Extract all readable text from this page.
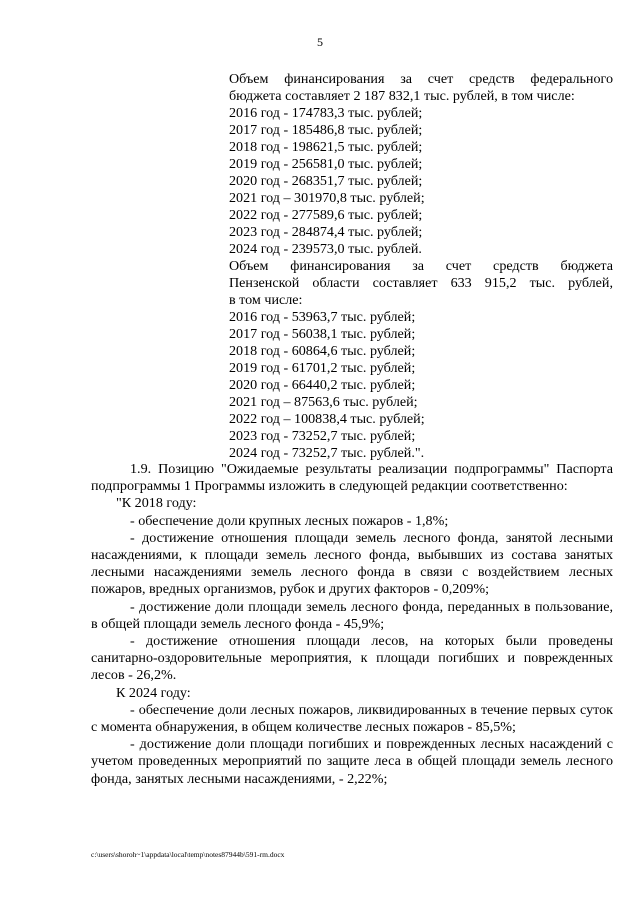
5
Объем финансирования за счет средств федерального
бюджета составляет 2 187 832,1 тыс. рублей, в том числе:
2016 год - 174783,3 тыс. рублей;
2017 год - 185486,8 тыс. рублей;
2018 год - 198621,5 тыс. рублей;
2019 год - 256581,0 тыс. рублей;
2020 год - 268351,7 тыс. рублей;
2021 год – 301970,8 тыс. рублей;
2022 год - 277589,6 тыс. рублей;
2023 год - 284874,4 тыс. рублей;
2024 год - 239573,0 тыс. рублей.
Объем финансирования за счет средств бюджета
Пензенской области составляет 633 915,2 тыс. рублей,
в том числе:
2016 год - 53963,7 тыс. рублей;
2017 год - 56038,1 тыс. рублей;
2018 год - 60864,6 тыс. рублей;
2019 год - 61701,2 тыс. рублей;
2020 год - 66440,2 тыс. рублей;
2021 год – 87563,6 тыс. рублей;
2022 год – 100838,4 тыс. рублей;
2023 год - 73252,7 тыс. рублей;
2024 год - 73252,7 тыс. рублей.".

1.9. Позицию "Ожидаемые результаты реализации подпрограммы" Паспорта подпрограммы 1 Программы изложить в следующей редакции соответственно:

"К 2018 году:

- обеспечение доли крупных лесных пожаров - 1,8%;

- достижение отношения площади земель лесного фонда, занятой лесными насаждениями, к площади земель лесного фонда, выбывших из состава занятых лесными насаждениями земель лесного фонда в связи с воздействием лесных пожаров, вредных организмов, рубок и других факторов - 0,209%;

- достижение доли площади земель лесного фонда, переданных в пользование, в общей площади земель лесного фонда - 45,9%;

- достижение отношения площади лесов, на которых были проведены санитарно-оздоровительные мероприятия, к площади погибших и поврежденных лесов - 26,2%.

К 2024 году:

- обеспечение доли лесных пожаров, ликвидированных в течение первых суток с момента обнаружения, в общем количестве лесных пожаров - 85,5%;

- достижение доли площади погибших и поврежденных лесных насаждений с учетом проведенных мероприятий по защите леса в общей площади земель лесного фонда, занятых лесными насаждениями, - 2,22%;

c:\users\shoroh~1\appdata\local\temp\notes87944b\591-rm.docx
